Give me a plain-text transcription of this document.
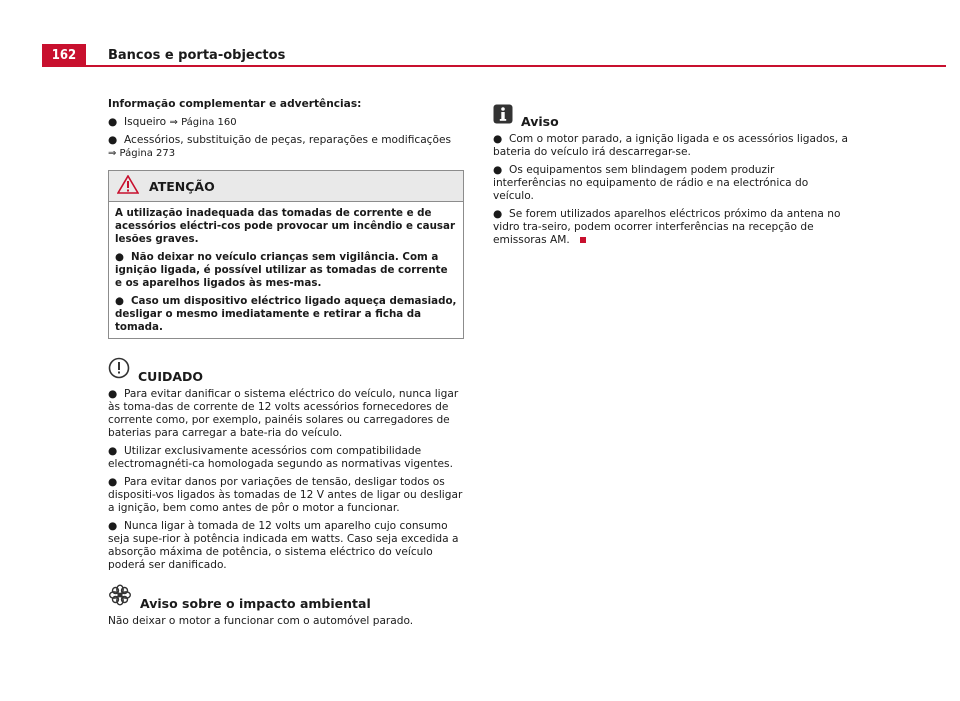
162	Bancos e porta-objectos

Informação complementar e advertências:

● Isqueiro ⇒ Página 160

● Acessórios, substituição de peças, reparações e modificações
⇒ Página 273

ATENÇÃO

A utilização inadequada das tomadas de corrente e de acessórios eléctri-cos pode provocar um incêndio e causar lesões graves.

● Não deixar no veículo crianças sem vigilância. Com a ignição ligada, é possível utilizar as tomadas de corrente e os aparelhos ligados às mes-mas.

● Caso um dispositivo eléctrico ligado aqueça demasiado, desligar o mesmo imediatamente e retirar a ficha da tomada.

CUIDADO

● Para evitar danificar o sistema eléctrico do veículo, nunca ligar às toma-das de corrente de 12 volts acessórios fornecedores de corrente como, por exemplo, painéis solares ou carregadores de baterias para carregar a bate-ria do veículo.

● Utilizar exclusivamente acessórios com compatibilidade electromagnéti-ca homologada segundo as normativas vigentes.

● Para evitar danos por variações de tensão, desligar todos os dispositi-vos ligados às tomadas de 12 V antes de ligar ou desligar a ignição, bem como antes de pôr o motor a funcionar.

● Nunca ligar à tomada de 12 volts um aparelho cujo consumo seja supe-rior à potência indicada em watts. Caso seja excedida a absorção máxima de potência, o sistema eléctrico do veículo poderá ser danificado.

Aviso sobre o impacto ambiental

Não deixar o motor a funcionar com o automóvel parado.

Aviso

● Com o motor parado, a ignição ligada e os acessórios ligados, a bateria do veículo irá descarregar-se.

● Os equipamentos sem blindagem podem produzir interferências no equipamento de rádio e na electrónica do veículo.

● Se forem utilizados aparelhos eléctricos próximo da antena no vidro tra-seiro, podem ocorrer interferências na recepção de emissoras AM.
